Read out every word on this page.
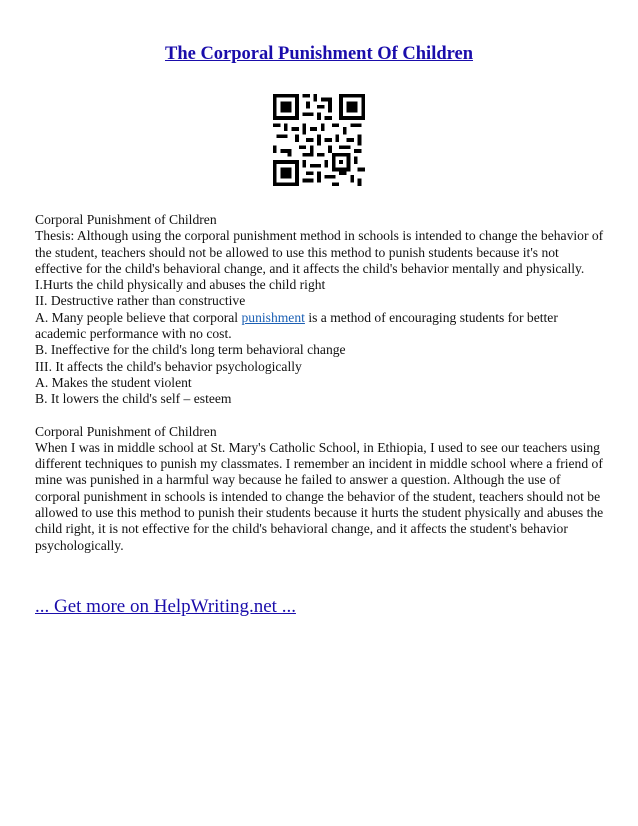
The Corporal Punishment Of Children

Corporal Punishment of Children

Thesis: Although using the corporal punishment method in schools is intended to change the behavior of the student, teachers should not be allowed to use this method to punish students because it's not effective for the child's behavioral change, and it affects the child's behavior mentally and physically.

I.Hurts the child physically and abuses the child right

II. Destructive rather than constructive

A. Many people believe that corporal punishment is a method of encouraging students for better academic performance with no cost.

B. Ineffective for the child's long term behavioral change

III. It affects the child's behavior psychologically

A. Makes the student violent

B. It lowers the child's self – esteem

Corporal Punishment of Children

When I was in middle school at St. Mary's Catholic School, in Ethiopia, I used to see our teachers using different techniques to punish my classmates. I remember an incident in middle school where a friend of mine was punished in a harmful way because he failed to answer a question. Although the use of corporal punishment in schools is intended to change the behavior of the student, teachers should not be allowed to use this method to punish their students because it hurts the student physically and abuses the child right, it is not effective for the child's behavioral change, and it affects the student's behavior psychologically.

... Get more on HelpWriting.net ...
